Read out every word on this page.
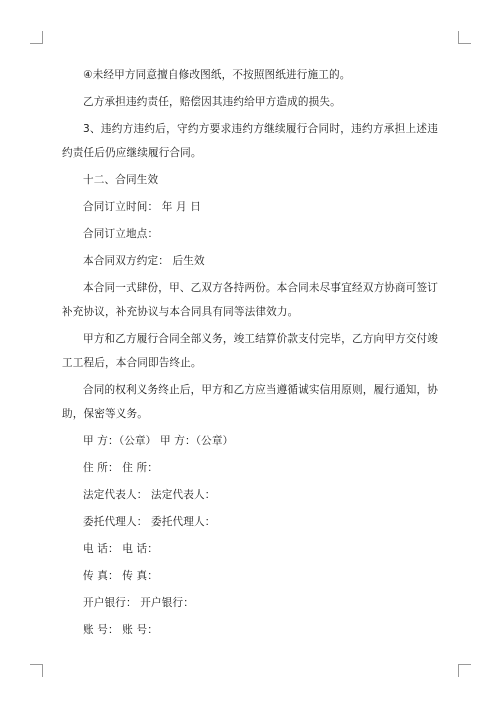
④未经甲方同意擅自修改图纸，不按照图纸进行施工的。

乙方承担违约责任，赔偿因其违约给甲方造成的损失。

3、违约方违约后，守约方要求违约方继续履行合同时，违约方承担上述违约责任后仍应继续履行合同。

十二、合同生效

合同订立时间： 年 月 日

合同订立地点：

本合同双方约定： 后生效

本合同一式肆份，甲、乙双方各持两份。本合同未尽事宜经双方协商可签订补充协议，补充协议与本合同具有同等法律效力。

甲方和乙方履行合同全部义务，竣工结算价款支付完毕，乙方向甲方交付竣工工程后，本合同即告终止。

合同的权利义务终止后，甲方和乙方应当遵循诚实信用原则，履行通知，协助，保密等义务。

甲 方：（公章） 甲 方：（公章）

住 所： 住 所：

法定代表人： 法定代表人：

委托代理人： 委托代理人：

电 话： 电 话：

传 真： 传 真：

开户银行： 开户银行：

账 号： 账 号：
